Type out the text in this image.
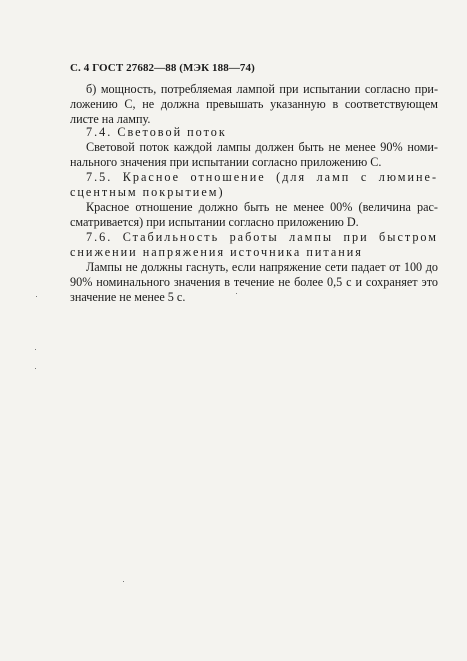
С. 4 ГОСТ 27682—88 (МЭК 188—74)
б) мощность, потребляемая лампой при испытании согласно при-
ложению С, не должна превышать указанную в соответствующем
листе на лампу.
7.4. Световой поток
Световой поток каждой лампы должен быть не менее 90% номи-
нального значения при испытании согласно приложению С.
7.5. Красное отношение (для ламп с люмине-
сцентным покрытием)
Красное отношение должно быть не менее 00% (величина рас-
сматривается) при испытании согласно приложению D.
7.6. Стабильность работы лампы при быстром
снижении напряжения источника питания
Лампы не должны гаснуть, если напряжение сети падает от 100 до
90% номинального значения в течение не более 0,5 с и сохраняет это
значение не менее 5 с.
